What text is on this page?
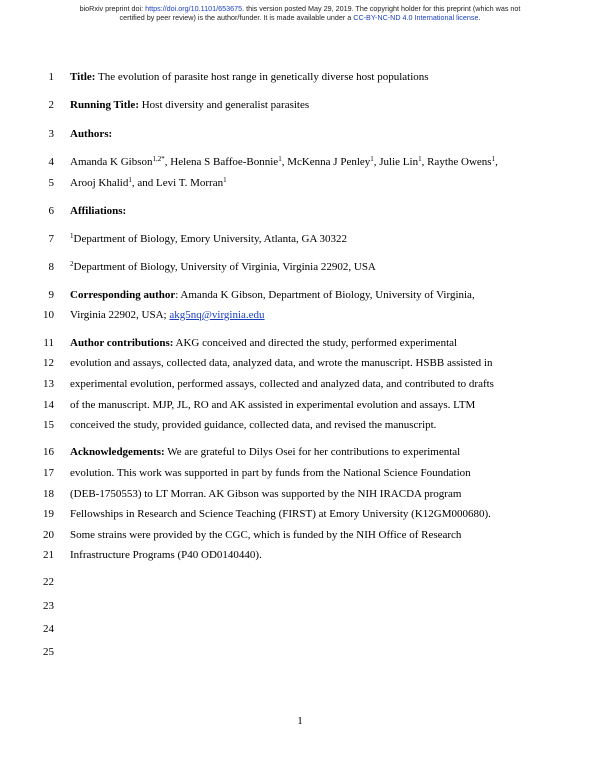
bioRxiv preprint doi: https://doi.org/10.1101/653675. this version posted May 29, 2019. The copyright holder for this preprint (which was not
certified by peer review) is the author/funder. It is made available under a CC-BY-NC-ND 4.0 International license.
1
2
3
4
5
6
7
8
9
10
11
12
13
14
15
16
17
18
19
20
21
22
23
24
25
Title: The evolution of parasite host range in genetically diverse host populations
Running Title: Host diversity and generalist parasites
Authors:
Amanda K Gibson$^{1,2*}$, Helena S Baffoe-Bonnie$^1$, McKenna J Penley$^1$, Julie Lin$^1$, Raythe Owens$^1$,
Arooj Khalid$^1$, and Levi T. Morran$^1$
Affiliations:
$^1$Department of Biology, Emory University, Atlanta, GA 30322
$^2$Department of Biology, University of Virginia, Virginia 22902, USA
Corresponding author: Amanda K Gibson, Department of Biology, University of Virginia,
Virginia 22902, USA; akg5nq@virginia.edu
Author contributions: AKG conceived and directed the study, performed experimental
evolution and assays, collected data, analyzed data, and wrote the manuscript. HSBB assisted in
experimental evolution, performed assays, collected and analyzed data, and contributed to drafts
of the manuscript. MJP, JL, RO and AK assisted in experimental evolution and assays. LTM
conceived the study, provided guidance, collected data, and revised the manuscript.
Acknowledgements: We are grateful to Dilys Osei for her contributions to experimental
evolution. This work was supported in part by funds from the National Science Foundation
(DEB-1750553) to LT Morran. AK Gibson was supported by the NIH IRACDA program
Fellowships in Research and Science Teaching (FIRST) at Emory University (K12GM000680).
Some strains were provided by the CGC, which is funded by the NIH Office of Research
Infrastructure Programs (P40 OD0140440).
1
